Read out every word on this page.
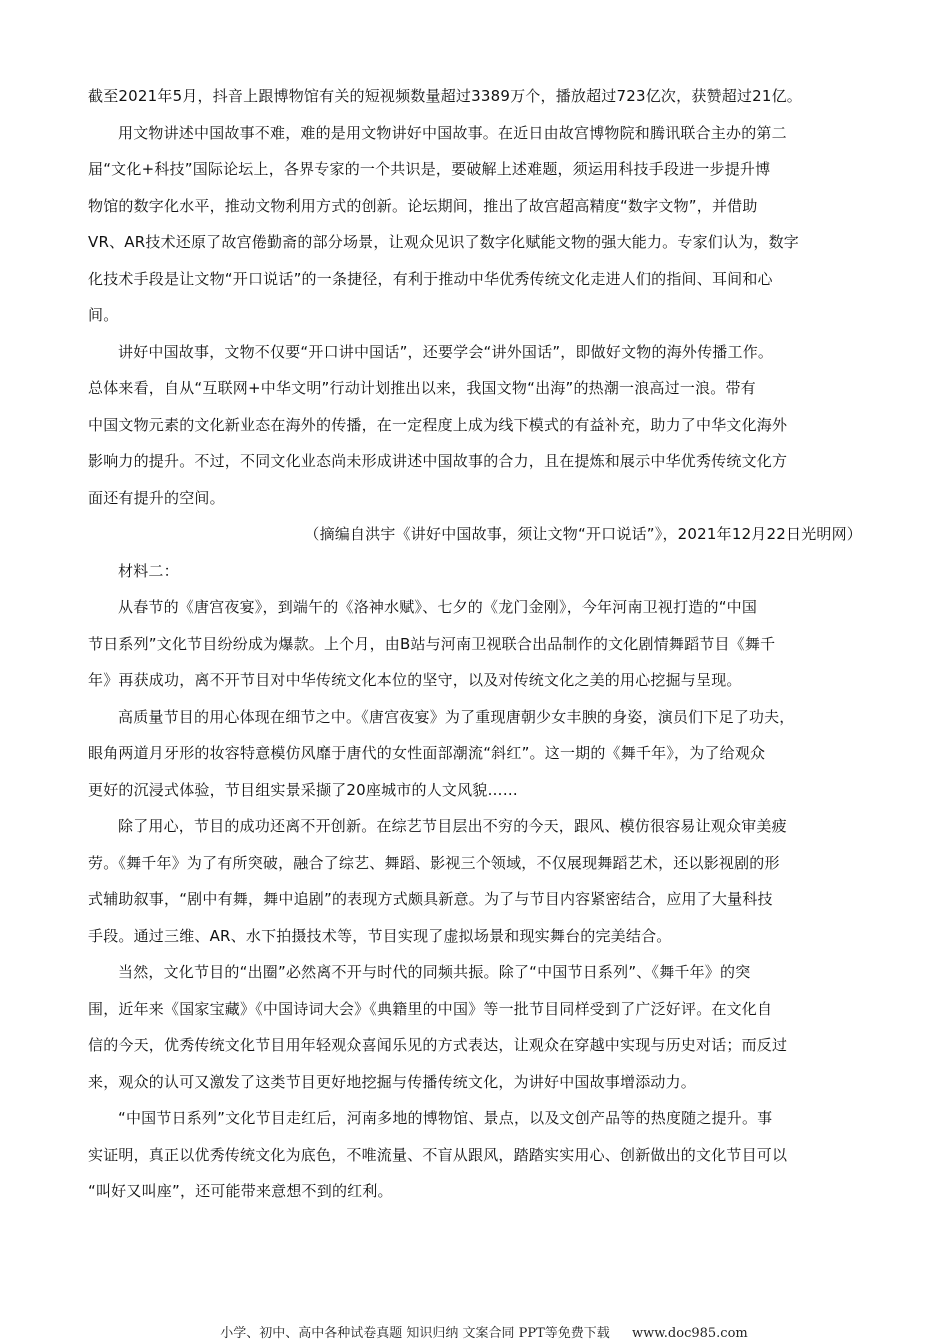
截至2021年5月，抖音上跟博物馆有关的短视频数量超过3389万个，播放超过723亿次，获赞超过21亿。
用文物讲述中国故事不难，难的是用文物讲好中国故事。在近日由故宫博物院和腾讯联合主办的第二
届“文化+科技”国际论坛上，各界专家的一个共识是，要破解上述难题，须运用科技手段进一步提升博
物馆的数字化水平，推动文物利用方式的创新。论坛期间，推出了故宫超高精度“数字文物”，并借助
VR、AR技术还原了故宫倦勤斋的部分场景，让观众见识了数字化赋能文物的强大能力。专家们认为，数字
化技术手段是让文物“开口说话”的一条捷径，有利于推动中华优秀传统文化走进人们的指间、耳间和心
间。
讲好中国故事，文物不仅要“开口讲中国话”，还要学会“讲外国话”，即做好文物的海外传播工作。
总体来看，自从“互联网+中华文明”行动计划推出以来，我国文物“出海”的热潮一浪高过一浪。带有
中国文物元素的文化新业态在海外的传播，在一定程度上成为线下模式的有益补充，助力了中华文化海外
影响力的提升。不过，不同文化业态尚未形成讲述中国故事的合力，且在提炼和展示中华优秀传统文化方
面还有提升的空间。
（摘编自洪宇《讲好中国故事，须让文物“开口说话”》，2021年12月22日光明网）
材料二：
从春节的《唐宫夜宴》，到端午的《洛神水赋》、七夕的《龙门金刚》，今年河南卫视打造的“中国
节日系列”文化节目纷纷成为爆款。上个月，由B站与河南卫视联合出品制作的文化剧情舞蹈节目《舞千
年》再获成功，离不开节目对中华传统文化本位的坚守，以及对传统文化之美的用心挖掘与呈现。
高质量节目的用心体现在细节之中。《唐宫夜宴》为了重现唐朝少女丰腴的身姿，演员们下足了功夫，
眼角两道月牙形的妆容特意模仿风靡于唐代的女性面部潮流“斜红”。这一期的《舞千年》，为了给观众
更好的沉浸式体验，节目组实景采撷了20座城市的人文风貌……
除了用心，节目的成功还离不开创新。在综艺节目层出不穷的今天，跟风、模仿很容易让观众审美疲
劳。《舞千年》为了有所突破，融合了综艺、舞蹈、影视三个领域，不仅展现舞蹈艺术，还以影视剧的形
式辅助叙事，“剧中有舞，舞中追剧”的表现方式颇具新意。为了与节目内容紧密结合，应用了大量科技
手段。通过三维、AR、水下拍摄技术等，节目实现了虚拟场景和现实舞台的完美结合。
当然，文化节目的“出圈”必然离不开与时代的同频共振。除了“中国节日系列”、《舞千年》的突
围，近年来《国家宝藏》《中国诗词大会》《典籍里的中国》等一批节目同样受到了广泛好评。在文化自
信的今天，优秀传统文化节目用年轻观众喜闻乐见的方式表达，让观众在穿越中实现与历史对话；而反过
来，观众的认可又激发了这类节目更好地挖掘与传播传统文化，为讲好中国故事增添动力。
“中国节日系列”文化节目走红后，河南多地的博物馆、景点，以及文创产品等的热度随之提升。事
实证明，真正以优秀传统文化为底色，不唯流量、不盲从跟风，踏踏实实用心、创新做出的文化节目可以
“叫好又叫座”，还可能带来意想不到的红利。
小学、初中、高中各种试卷真题 知识归纳 文案合同 PPT等免费下载 www.doc985.com
